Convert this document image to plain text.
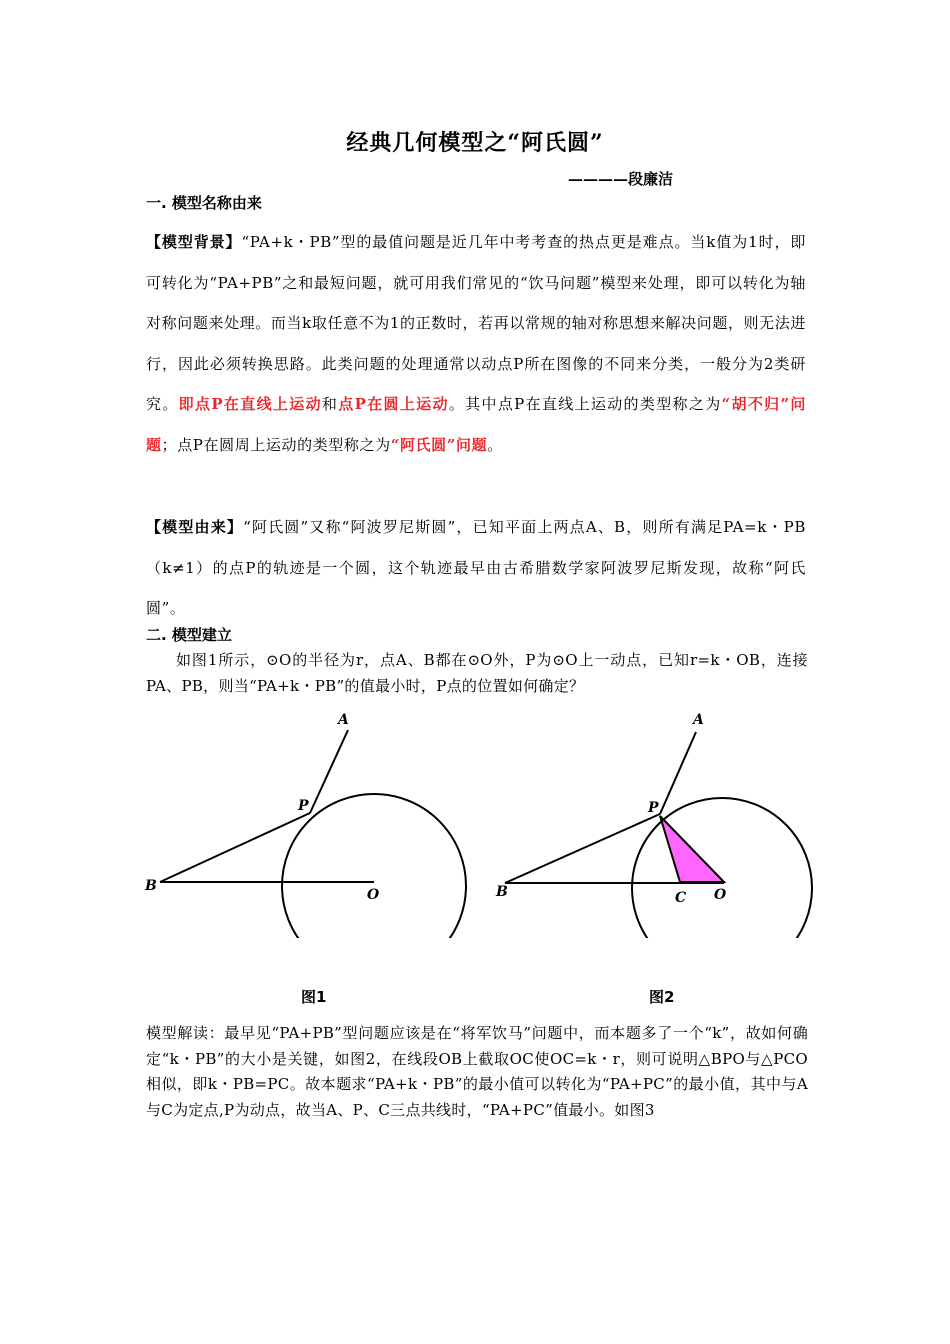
经典几何模型之“阿氏圆”
————段廉洁
一. 模型名称由来
【模型背景】“PA+k・PB”型的最值问题是近几年中考考查的热点更是难点。当k值为1时，即可转化为“PA+PB”之和最短问题，就可用我们常见的“饮马问题”模型来处理，即可以转化为轴对称问题来处理。而当k取任意不为1的正数时，若再以常规的轴对称思想来解决问题，则无法进行，因此必须转换思路。此类问题的处理通常以动点P所在图像的不同来分类，一般分为2类研究。即点P在直线上运动和点P在圆上运动。其中点P在直线上运动的类型称之为“胡不归”问题；点P在圆周上运动的类型称之为“阿氏圆”问题。
【模型由来】“阿氏圆”又称“阿波罗尼斯圆”，已知平面上两点A、B，则所有满足PA=k・PB（k≠1）的点P的轨迹是一个圆，这个轨迹最早由古希腊数学家阿波罗尼斯发现，故称“阿氏圆”。
二. 模型建立
如图1所示，⊙O的半径为r，点A、B都在⊙O外，P为⊙O上一动点，已知r=k・OB，连接PA、PB，则当“PA+k・PB”的值最小时，P点的位置如何确定？
A
P
B
O
A
P
B	C O
图1	图2
模型解读：最早见“PA+PB”型问题应该是在“将军饮马”问题中，而本题多了一个“k”，故如何确定“k・PB”的大小是关键，如图2，在线段OB上截取OC使OC=k・r，则可说明△BPO与△PCO相似，即k・PB=PC。故本题求“PA+k・PB”的最小值可以转化为“PA+PC”的最小值，其中与A与C为定点,P为动点，故当A、P、C三点共线时，“PA+PC”值最小。如图3
